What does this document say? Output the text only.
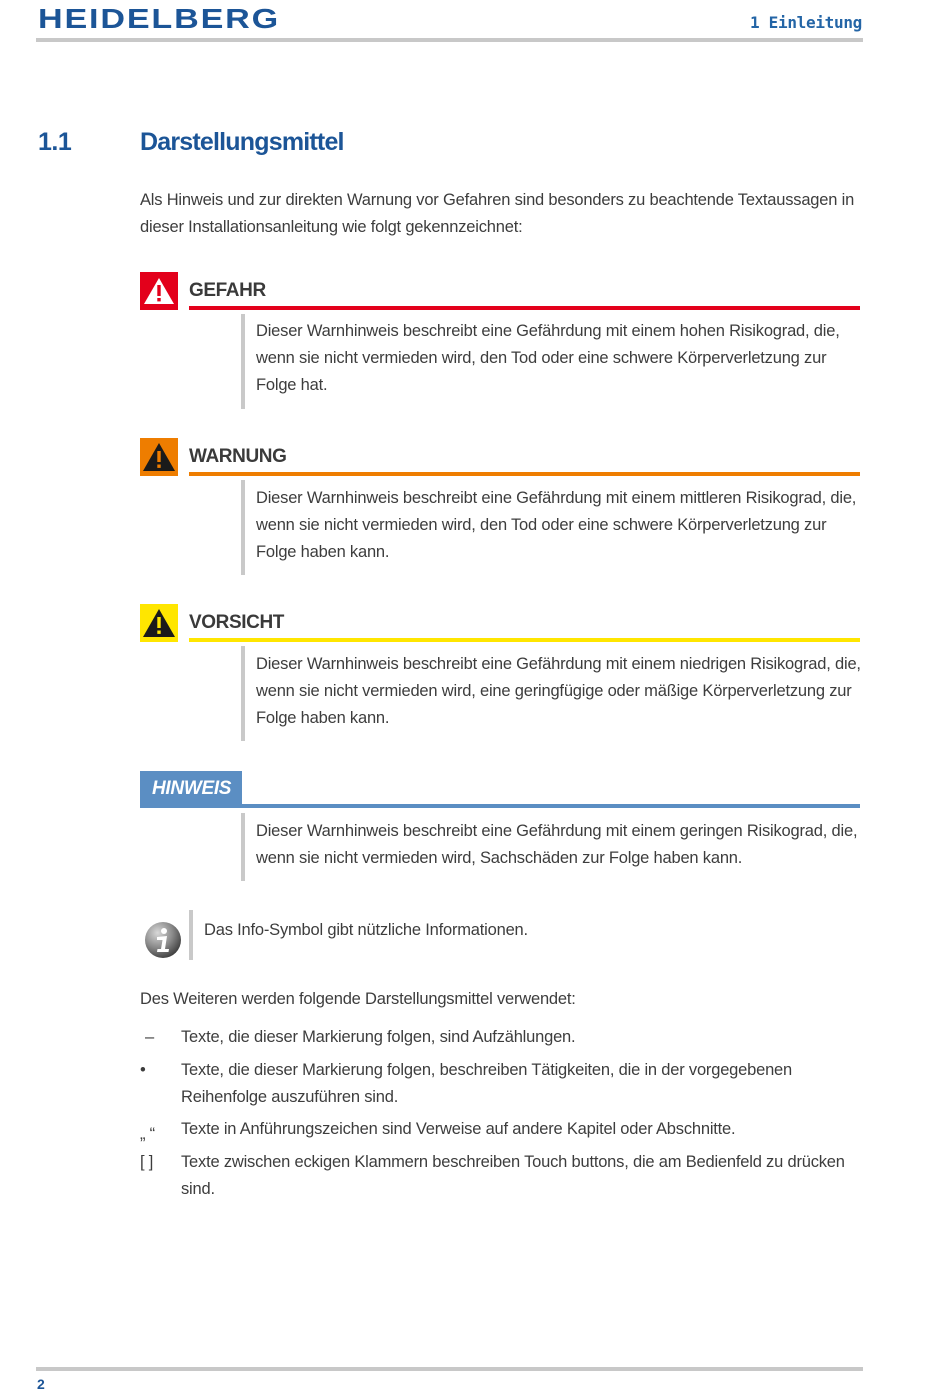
HEIDELBERG	1 Einleitung
1.1	Darstellungsmittel
Als Hinweis und zur direkten Warnung vor Gefahren sind besonders zu beachtende Textaussagen in dieser Installationsanleitung wie folgt gekennzeichnet:
GEFAHR
Dieser Warnhinweis beschreibt eine Gefährdung mit einem hohen Risikograd, die, wenn sie nicht vermieden wird, den Tod oder eine schwere Körperverletzung zur Folge hat.
WARNUNG
Dieser Warnhinweis beschreibt eine Gefährdung mit einem mittleren Risikograd, die, wenn sie nicht vermieden wird, den Tod oder eine schwere Körperverletzung zur Folge haben kann.
VORSICHT
Dieser Warnhinweis beschreibt eine Gefährdung mit einem niedrigen Risikograd, die, wenn sie nicht vermieden wird, eine geringfügige oder mäßige Körperverletzung zur Folge haben kann.
HINWEIS
Dieser Warnhinweis beschreibt eine Gefährdung mit einem geringen Risikograd, die, wenn sie nicht vermieden wird, Sachschäden zur Folge haben kann.
Das Info-Symbol gibt nützliche Informationen.
Des Weiteren werden folgende Darstellungsmittel verwendet:
–	Texte, die dieser Markierung folgen, sind Aufzählungen.
•	Texte, die dieser Markierung folgen, beschreiben Tätigkeiten, die in der vorgegebenen Reihenfolge auszuführen sind.
„ “	Texte in Anführungszeichen sind Verweise auf andere Kapitel oder Abschnitte.
[ ]	Texte zwischen eckigen Klammern beschreiben Touch buttons, die am Bedienfeld zu drücken sind.
2
